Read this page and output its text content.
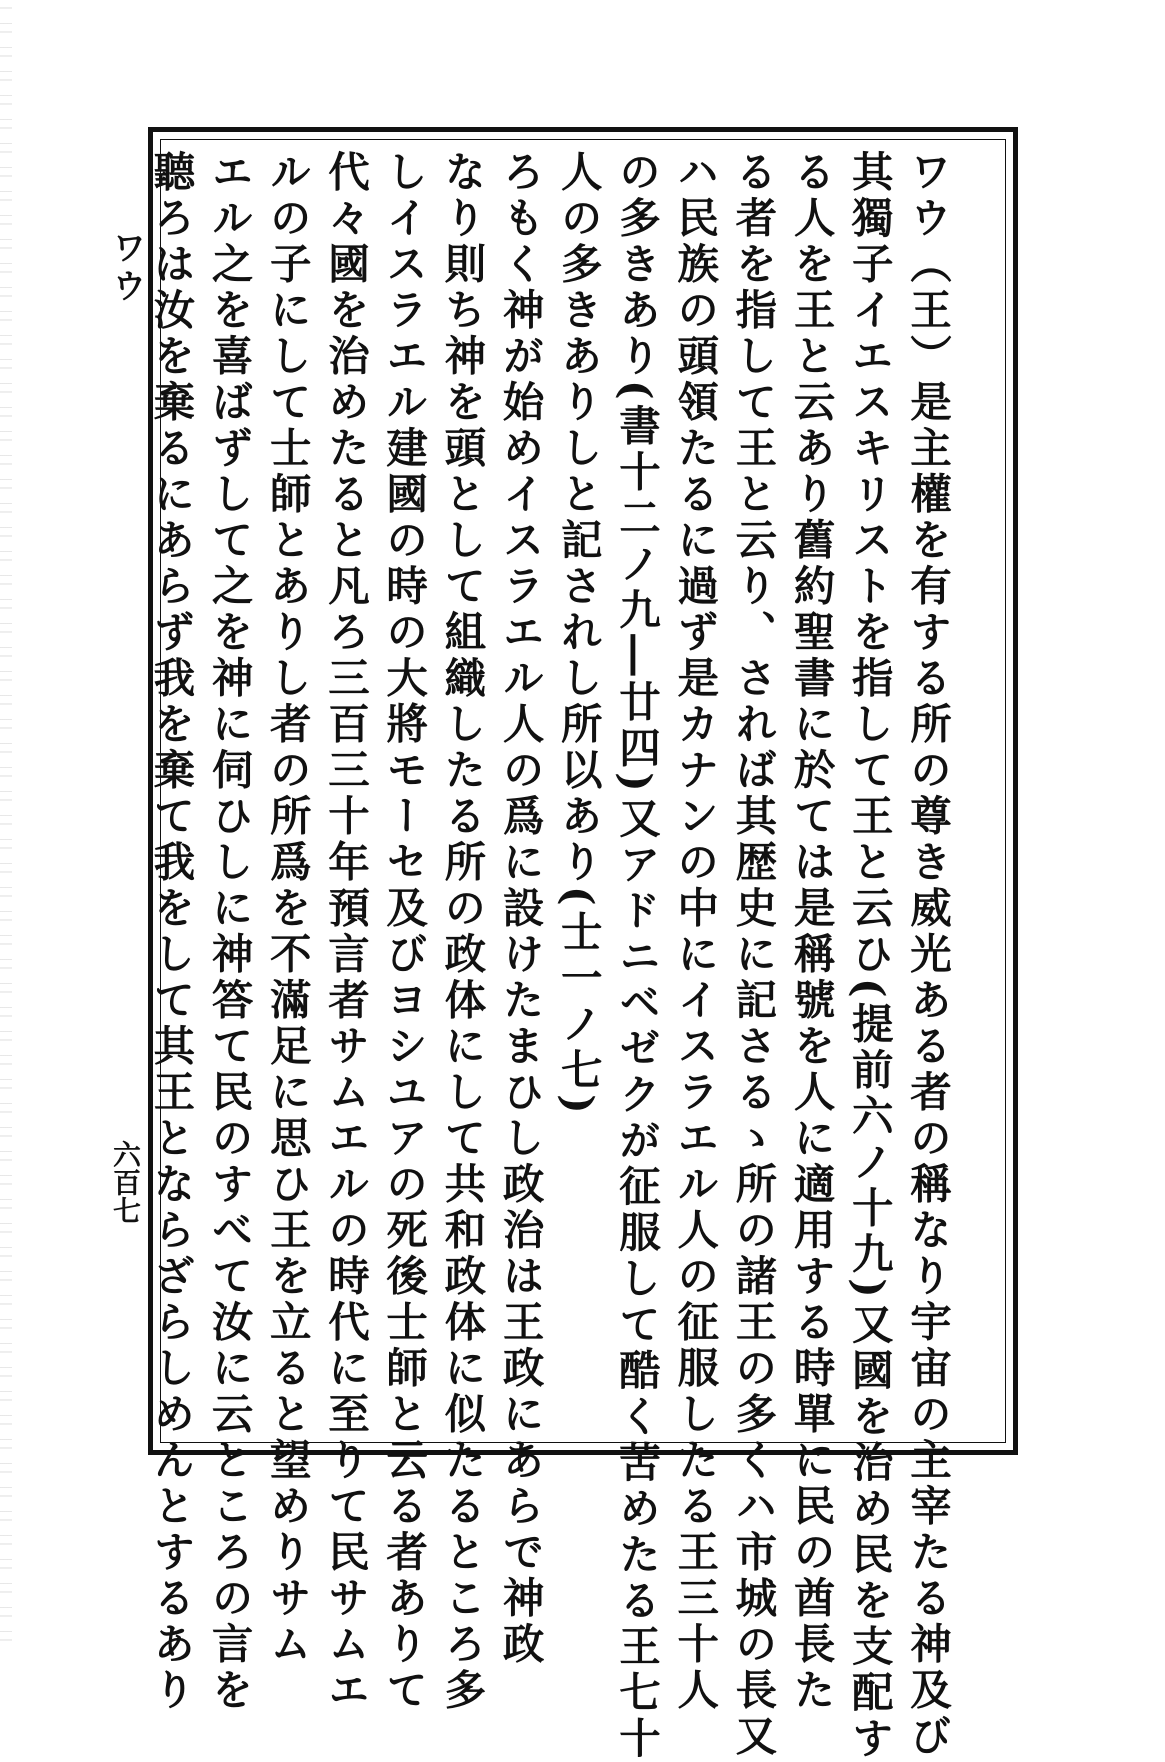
ワウ
六百七	ワウ（王）是主權を有する所の尊き威光ある者の稱なり宇宙の主宰たる神及び
其獨子イエスキリストを指して王と云ひ(提前六ノ十九)又國を治め民を支配す
る人を王と云あり舊約聖書に於ては是稱號を人に適用する時單に民の酋長た
る者を指して王と云り、されば其歴史に記さるゝ所の諸王の多くハ市城の長又
ハ民族の頭領たるに過ず是カナンの中にイスラエル人の征服したる王三十人
の多きあり(書十二ノ九―廿四)又アドニベゼクが征服して酷く苦めたる王七十
人の多きありしと記されし所以あり(士一ノ七)
ろもく神が始めイスラエル人の爲に設けたまひし政治は王政にあらで神政
なり則ち神を頭として組織したる所の政体にして共和政体に似たるところ多
しイスラエル建國の時の大將モーセ及びヨシユアの死後士師と云る者ありて
代々國を治めたると凡ろ三百三十年預言者サムエルの時代に至りて民サムエ
ルの子にして士師とありし者の所爲を不滿足に思ひ王を立ると望めりサム
エル之を喜ばずして之を神に伺ひしに神答て民のすべて汝に云ところの言を
聽ろは汝を棄るにあらず我を棄て我をして其王とならざらしめんとするあり
